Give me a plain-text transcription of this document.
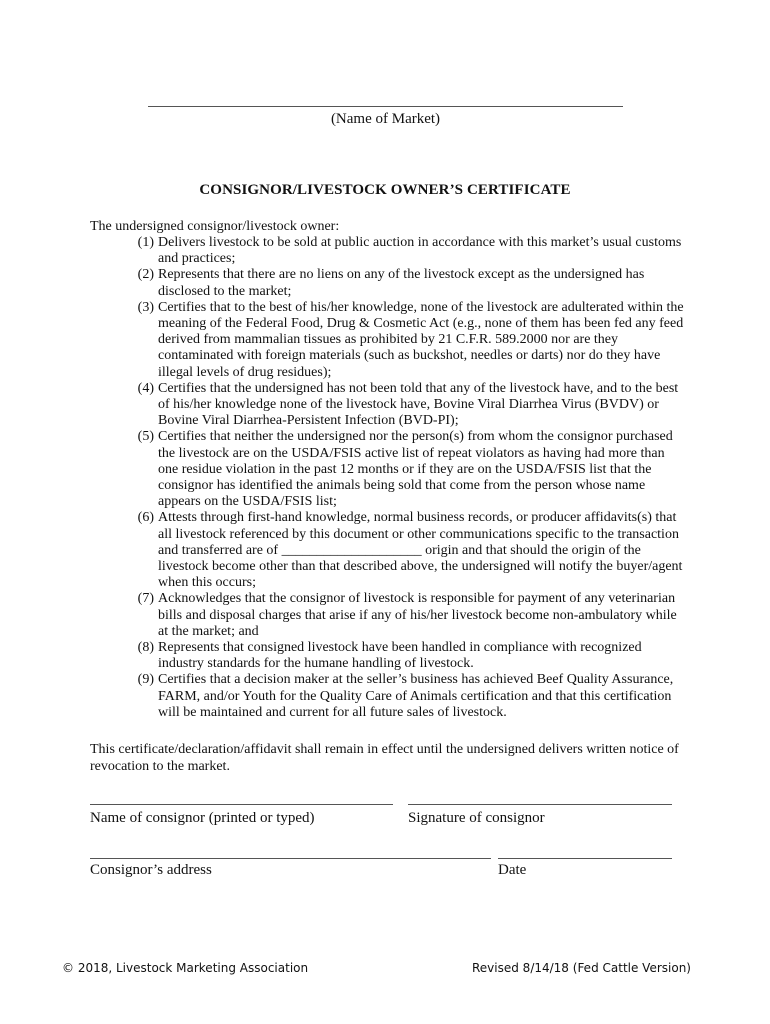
(Name of Market)
CONSIGNOR/LIVESTOCK OWNER’S CERTIFICATE
The undersigned consignor/livestock owner:
(1) Delivers livestock to be sold at public auction in accordance with this market’s usual customs
and practices;
(2) Represents that there are no liens on any of the livestock except as the undersigned has
disclosed to the market;
(3) Certifies that to the best of his/her knowledge, none of the livestock are adulterated within the
meaning of the Federal Food, Drug & Cosmetic Act (e.g., none of them has been fed any feed
derived from mammalian tissues as prohibited by 21 C.F.R. 589.2000 nor are they
contaminated with foreign materials (such as buckshot, needles or darts) nor do they have
illegal levels of drug residues);
(4) Certifies that the undersigned has not been told that any of the livestock have, and to the best
of his/her knowledge none of the livestock have, Bovine Viral Diarrhea Virus (BVDV) or
Bovine Viral Diarrhea-Persistent Infection (BVD-PI);
(5) Certifies that neither the undersigned nor the person(s) from whom the consignor purchased
the livestock are on the USDA/FSIS active list of repeat violators as having had more than
one residue violation in the past 12 months or if they are on the USDA/FSIS list that the
consignor has identified the animals being sold that come from the person whose name
appears on the USDA/FSIS list;
(6) Attests through first-hand knowledge, normal business records, or producer affidavits(s) that
all livestock referenced by this document or other communications specific to the transaction
and transferred are of ____________________ origin and that should the origin of the
livestock become other than that described above, the undersigned will notify the buyer/agent
when this occurs;
(7) Acknowledges that the consignor of livestock is responsible for payment of any veterinarian
bills and disposal charges that arise if any of his/her livestock become non-ambulatory while
at the market; and
(8) Represents that consigned livestock have been handled in compliance with recognized
industry standards for the humane handling of livestock.
(9) Certifies that a decision maker at the seller’s business has achieved Beef Quality Assurance,
FARM, and/or Youth for the Quality Care of Animals certification and that this certification
will be maintained and current for all future sales of livestock.
This certificate/declaration/affidavit shall remain in effect until the undersigned delivers written notice of revocation to the market.
Name of consignor (printed or typed)	Signature of consignor
Consignor’s address	Date
© 2018, Livestock Marketing Association	Revised 8/14/18 (Fed Cattle Version)
